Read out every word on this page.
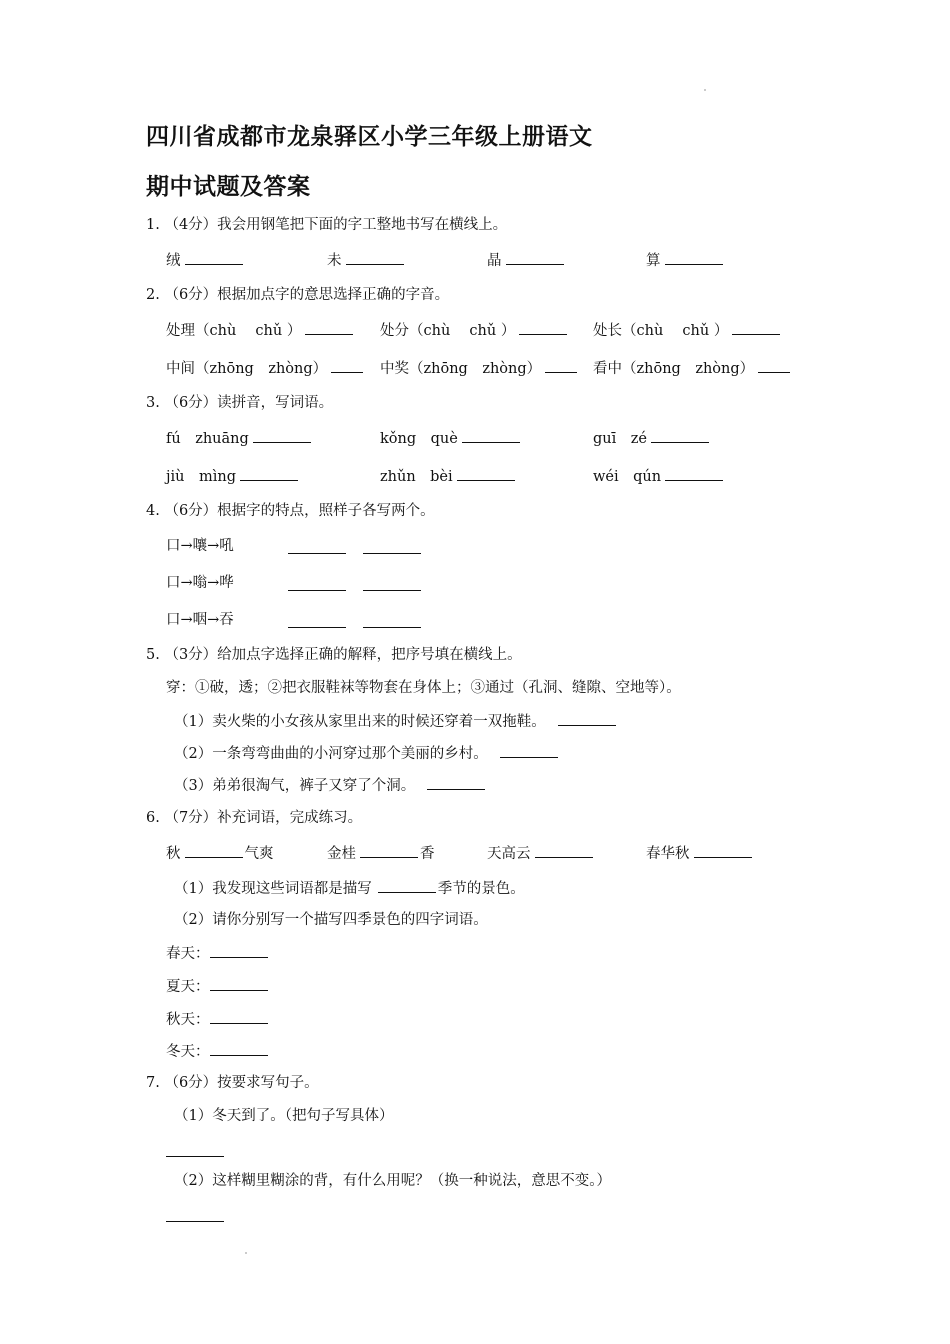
四川省成都市龙泉驿区小学三年级上册语文
期中试题及答案
1. （4分）我会用钢笔把下面的字工整地书写在横线上。
绒	未	晶	算
2. （6分）根据加点字的意思选择正确的字音。
处理（chù　 chǔ ）	处分（chù　 chǔ ）	处长（chù　 chǔ ）
中间（zhōng　zhòng）	中奖（zhōng　zhòng）	看中（zhōng　zhòng）
3. （6分）读拼音，写词语。
fú　zhuāng	kǒng　què	guī　zé
jiù　mìng	zhǔn　bèi	wéi　qún
4. （6分）根据字的特点，照样子各写两个。
口→嚷→吼
口→嗡→哗
口→咽→吞
5. （3分）给加点字选择正确的解释，把序号填在横线上。
穿：①破，透；②把衣服鞋袜等物套在身体上；③通过（孔洞、缝隙、空地等）。
（1）卖火柴的小女孩从家里出来的时候还穿着一双拖鞋。
（2）一条弯弯曲曲的小河穿过那个美丽的乡村。
（3）弟弟很淘气，裤子又穿了个洞。
6. （7分）补充词语，完成练习。
秋	气爽	金桂	香	天高云	春华秋
（1）我发现这些词语都是描写	季节的景色。
（2）请你分别写一个描写四季景色的四字词语。
春天：
夏天：
秋天：
冬天：
7. （6分）按要求写句子。
（1）冬天到了。（把句子写具体）
（2）这样糊里糊涂的背，有什么用呢？（换一种说法，意思不变。）
